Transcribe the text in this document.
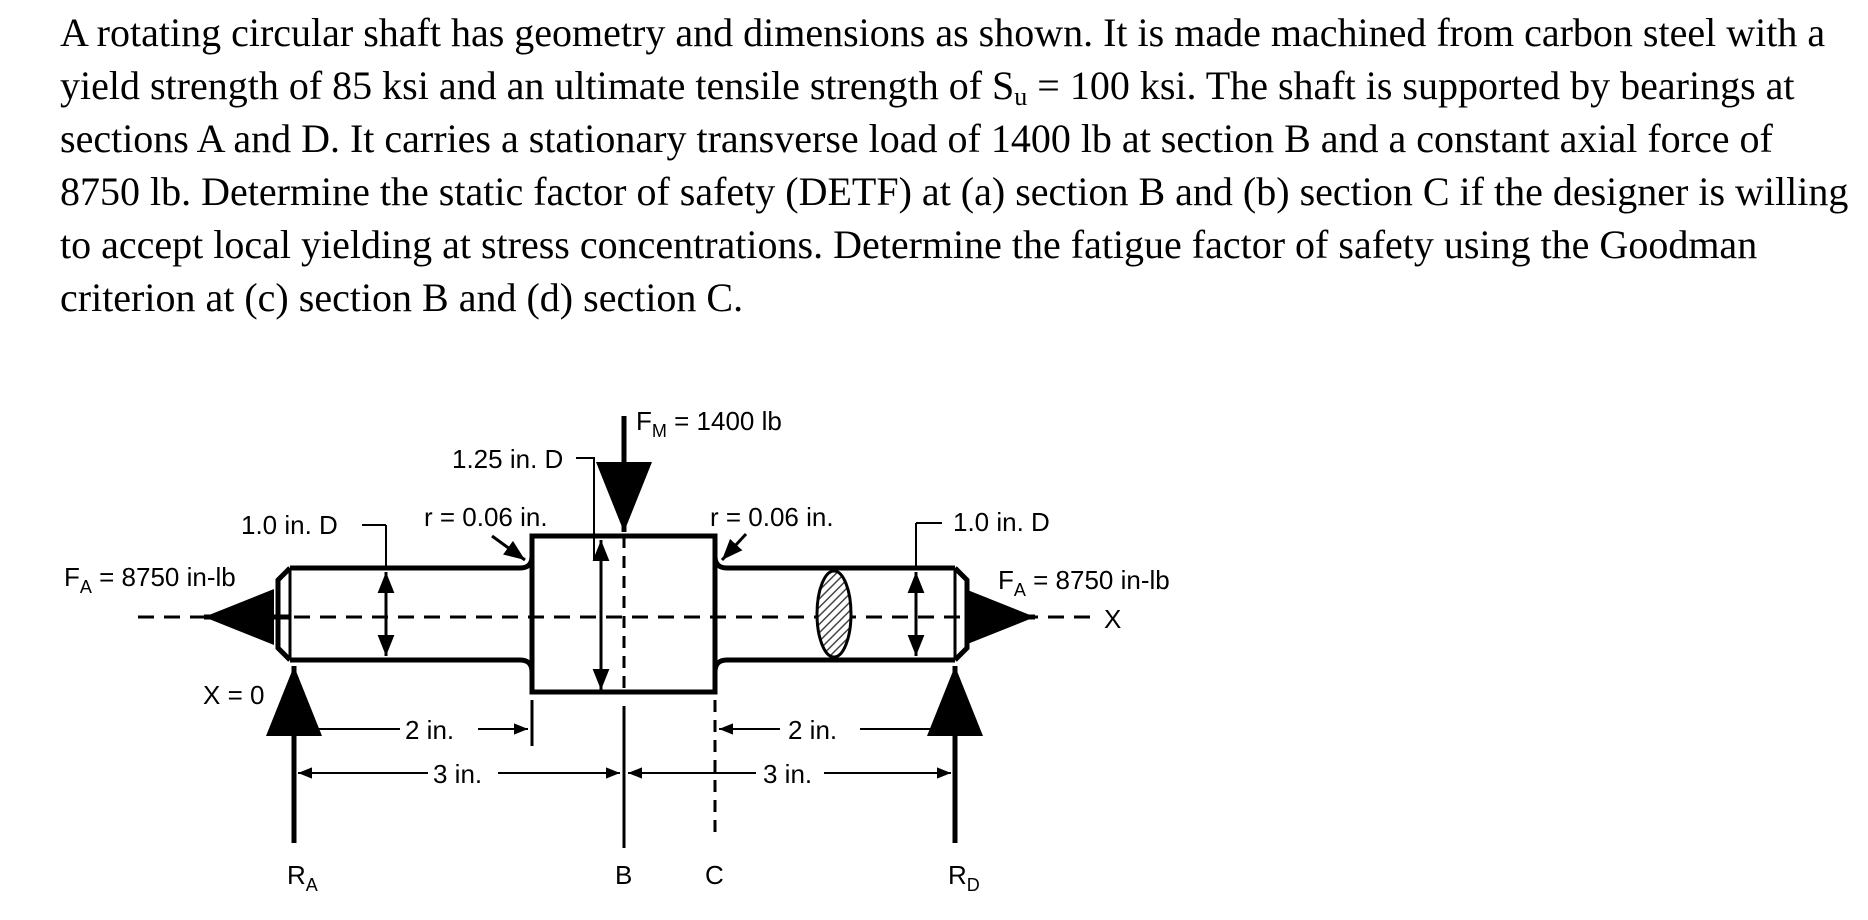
A rotating circular shaft has geometry and dimensions as shown. It is made machined from carbon steel with a yield strength of 85 ksi and an ultimate tensile strength of $S_u = 100$ ksi. The shaft is supported by bearings at sections A and D. It carries a stationary transverse load of 1400 lb at section B and a constant axial force of 8750 lb. Determine the static factor of safety (DETF) at (a) section B and (b) section C if the designer is willing to accept local yielding at stress concentrations. Determine the fatigue factor of safety using the Goodman criterion at (c) section B and (d) section C.

X
$F_M = 1400$ lb
1.25 in. D
1.0 in. D	1.0 in. D
r = 0.06 in.	r = 0.06 in.
$F_A = 8750$ in-lb	$F_A = 8750$ in-lb
X = 0
2 in.
3 in.
2 in.
3 in.
$R_A$	B	C	$R_D$
